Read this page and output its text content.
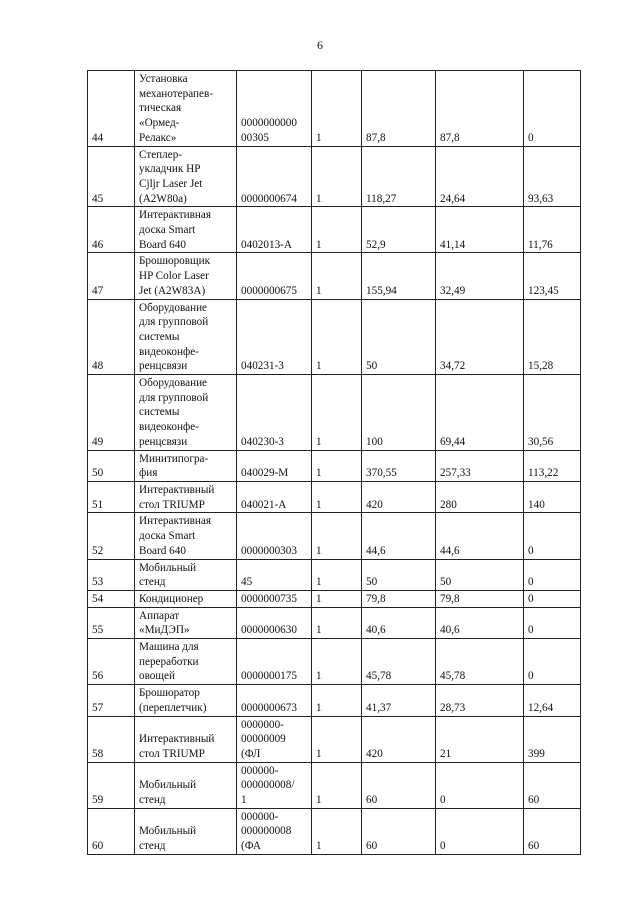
6
44	Установка
механотерапев-
тическая
«Ормед-
Релакс»	0000000000
00305	1	87,8	87,8	0
45	Степлер-
укладчик HP
Cjljr Laser Jet
(A2W80a)	0000000674	1	118,27	24,64	93,63
46	Интерактивная
доска Smart
Board 640	0402013-А	1	52,9	41,14	11,76
47	Брошюровщик
HP Color Laser
Jet (A2W83A)	0000000675	1	155,94	32,49	123,45
48	Оборудование
для групповой
системы
видеоконфе-
ренцсвязи	040231-3	1	50	34,72	15,28
49	Оборудование
для групповой
системы
видеоконфе-
ренцсвязи	040230-3	1	100	69,44	30,56
50	Минитипогра-
фия	040029-М	1	370,55	257,33	113,22
51	Интерактивный
стол TRIUMP	040021-А	1	420	280	140
52	Интерактивная
доска Smart
Board 640	0000000303	1	44,6	44,6	0
53	Мобильный
стенд	45	1	50	50	0
54	Кондиционер	0000000735	1	79,8	79,8	0
55	Аппарат
«МиДЭП»	0000000630	1	40,6	40,6	0
56	Машина для
переработки
овощей	0000000175	1	45,78	45,78	0
57	Брошюратор
(переплетчик)	0000000673	1	41,37	28,73	12,64
58	Интерактивный
стол TRIUMP	0000000-
00000009
(ФЛ	1	420	21	399
59	Мобильный
стенд	000000-
000000008/
1	1	60	0	60
60	Мобильный
стенд	000000-
000000008
(ФА	1	60	0	60
